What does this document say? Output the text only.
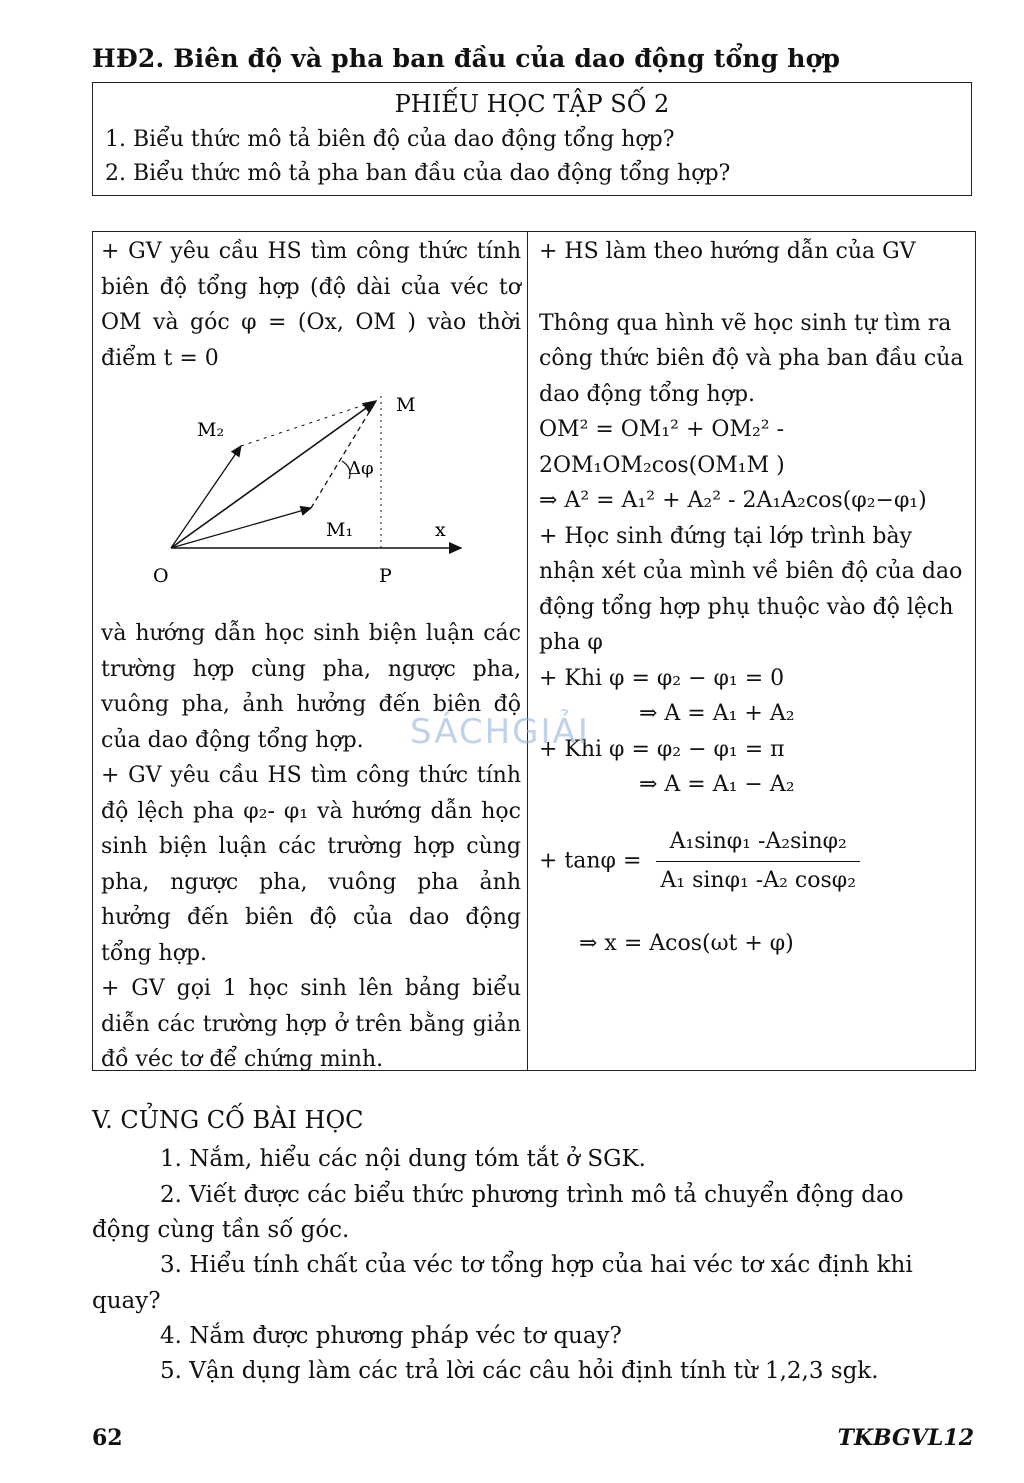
HĐ2. Biên độ và pha ban đầu của dao động tổng hợp
PHIẾU HỌC TẬP SỐ 2
1. Biểu thức mô tả biên độ của dao động tổng hợp?
2. Biểu thức mô tả pha ban đầu của dao động tổng hợp?

+ GV yêu cầu HS tìm công thức tính biên độ tổng hợp (độ dài của véc tơ OM và góc φ = (Ox, OM ) vào thời điểm t = 0

M
M₂
M₁
Δφ
x
O	P

và hướng dẫn học sinh biện luận các trường hợp cùng pha, ngược pha, vuông pha, ảnh hưởng đến biên độ của dao động tổng hợp.

+ GV yêu cầu HS tìm công thức tính độ lệch pha φ₂- φ₁ và hướng dẫn học sinh biện luận các trường hợp cùng pha, ngược pha, vuông pha ảnh hưởng đến biên độ của dao động tổng hợp.

+ GV gọi 1 học sinh lên bảng biểu diễn các trường hợp ở trên bằng giản đồ véc tơ để chứng minh.

+ HS làm theo hướng dẫn của GV

Thông qua hình vẽ học sinh tự tìm ra công thức biên độ và pha ban đầu của dao động tổng hợp.

OM² = OM₁² + OM₂² -

2OM₁OM₂cos(OM₁M )

⇒ A² = A₁² + A₂² - 2A₁A₂cos(φ₂−φ₁)

+ Học sinh đứng tại lớp trình bày nhận xét của mình về biên độ của dao động tổng hợp phụ thuộc vào độ lệch pha φ

+ Khi φ = φ₂ − φ₁ = 0

⇒ A = A₁ + A₂

+ Khi φ = φ₂ − φ₁ = π

⇒ A = A₁ − A₂

+ $\tan\varphi = \frac{\text{A₁sinφ₁ -A₂sinφ₂}}{\text{A₁ sinφ₁ -A₂ cosφ₂}}$

⇒ x = Acos(ωt + φ)

SÁCHGIẢI
V. CỦNG CỐ BÀI HỌC
1. Nắm, hiểu các nội dung tóm tắt ở SGK.
2. Viết được các biểu thức phương trình mô tả chuyển động dao
động cùng tần số góc.
3. Hiểu tính chất của véc tơ tổng hợp của hai véc tơ xác định khi
quay?
4. Nắm được phương pháp véc tơ quay?
5. Vận dụng làm các trả lời các câu hỏi định tính từ 1,2,3 sgk.
62	TKBGVL12
